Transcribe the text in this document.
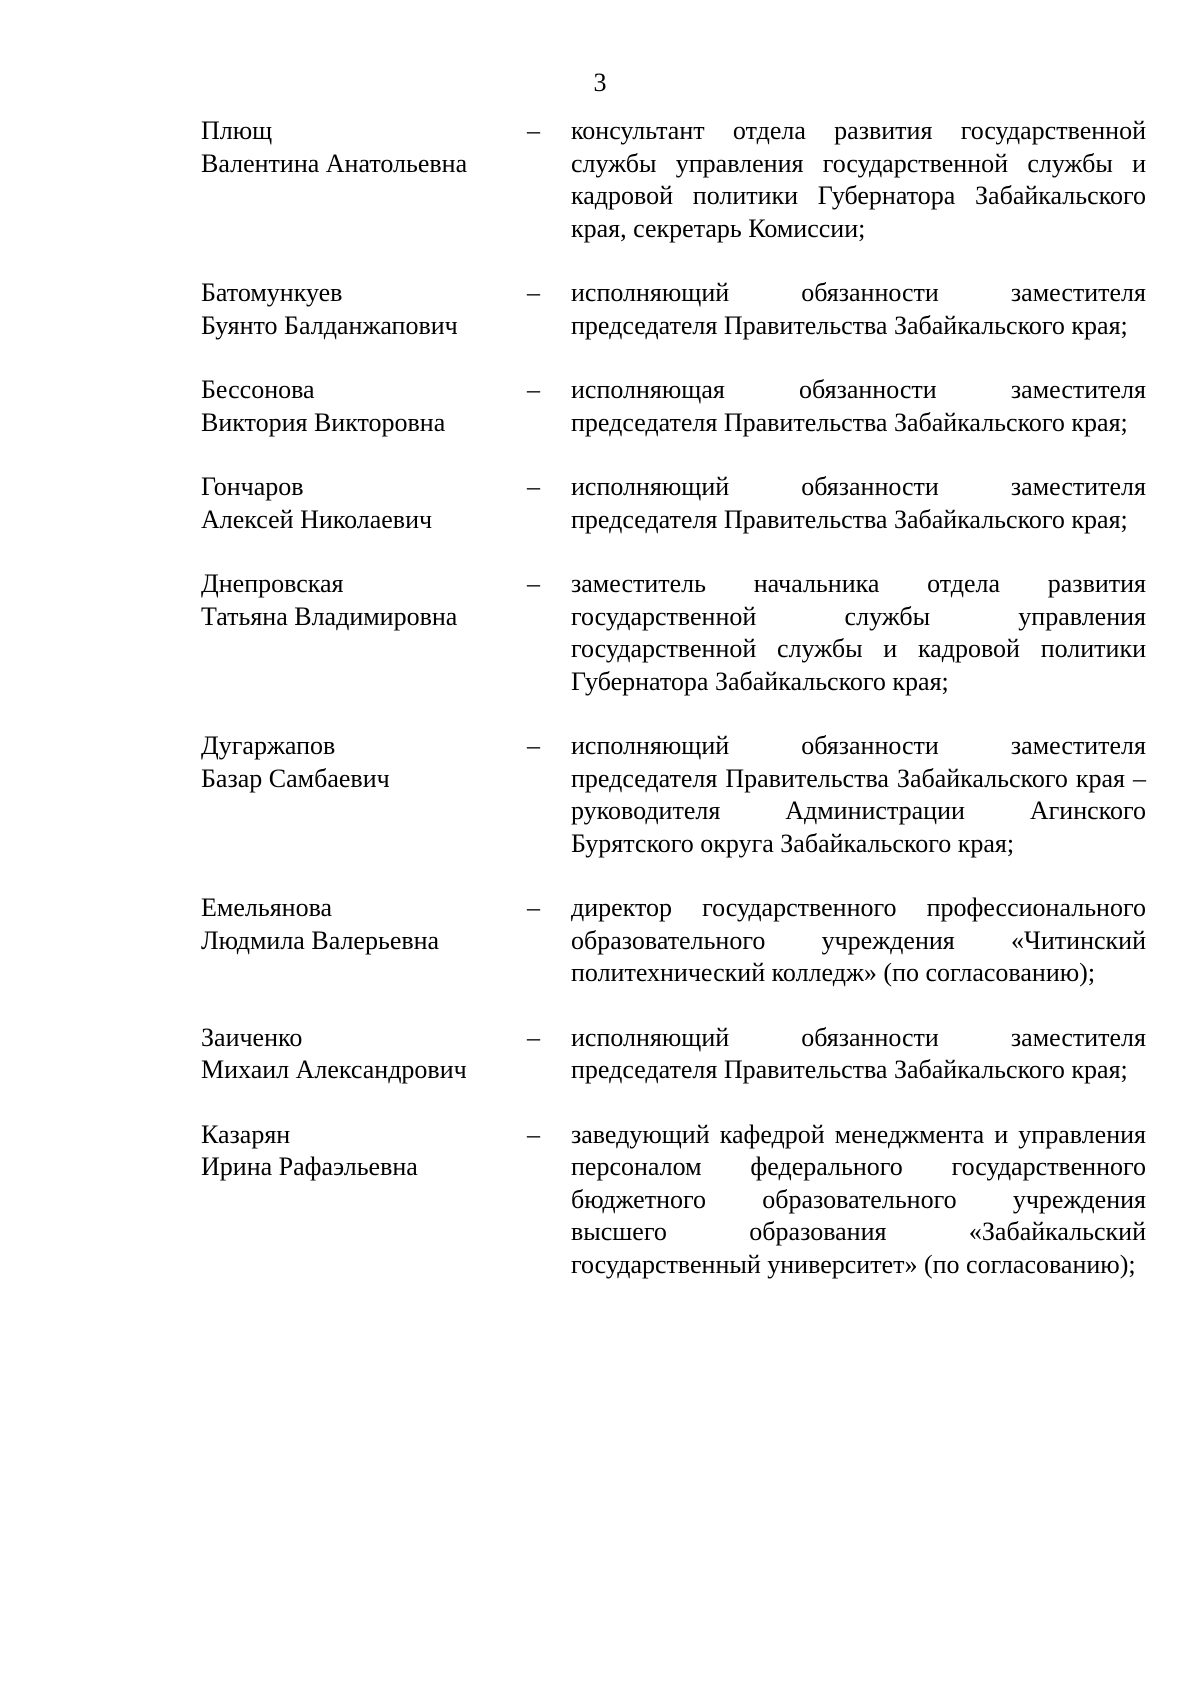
3
Плющ
Валентина Анатольевна
– консультант отдела развития государственной службы управления государственной службы и кадровой политики Губернатора Забайкальского края, секретарь Комиссии;
Батомункуев
Буянто Балданжапович
– исполняющий обязанности заместителя председателя Правительства Забайкальского края;
Бессонова
Виктория Викторовна
– исполняющая обязанности заместителя председателя Правительства Забайкальского края;
Гончаров
Алексей Николаевич
– исполняющий обязанности заместителя председателя Правительства Забайкальского края;
Днепровская
Татьяна Владимировна
– заместитель начальника отдела развития государственной службы управления государственной службы и кадровой политики Губернатора Забайкальского края;
Дугаржапов
Базар Самбаевич
– исполняющий обязанности заместителя председателя Правительства Забайкальского края – руководителя Администрации Агинского Бурятского округа Забайкальского края;
Емельянова
Людмила Валерьевна
– директор государственного профессионального образовательного учреждения «Читинский политехнический колледж» (по согласованию);
Заиченко
Михаил Александрович
– исполняющий обязанности заместителя председателя Правительства Забайкальского края;
Казарян
Ирина Рафаэльевна
– заведующий кафедрой менеджмента и управления персоналом федерального государственного бюджетного образовательного учреждения высшего образования «Забайкальский государственный университет» (по согласованию);
